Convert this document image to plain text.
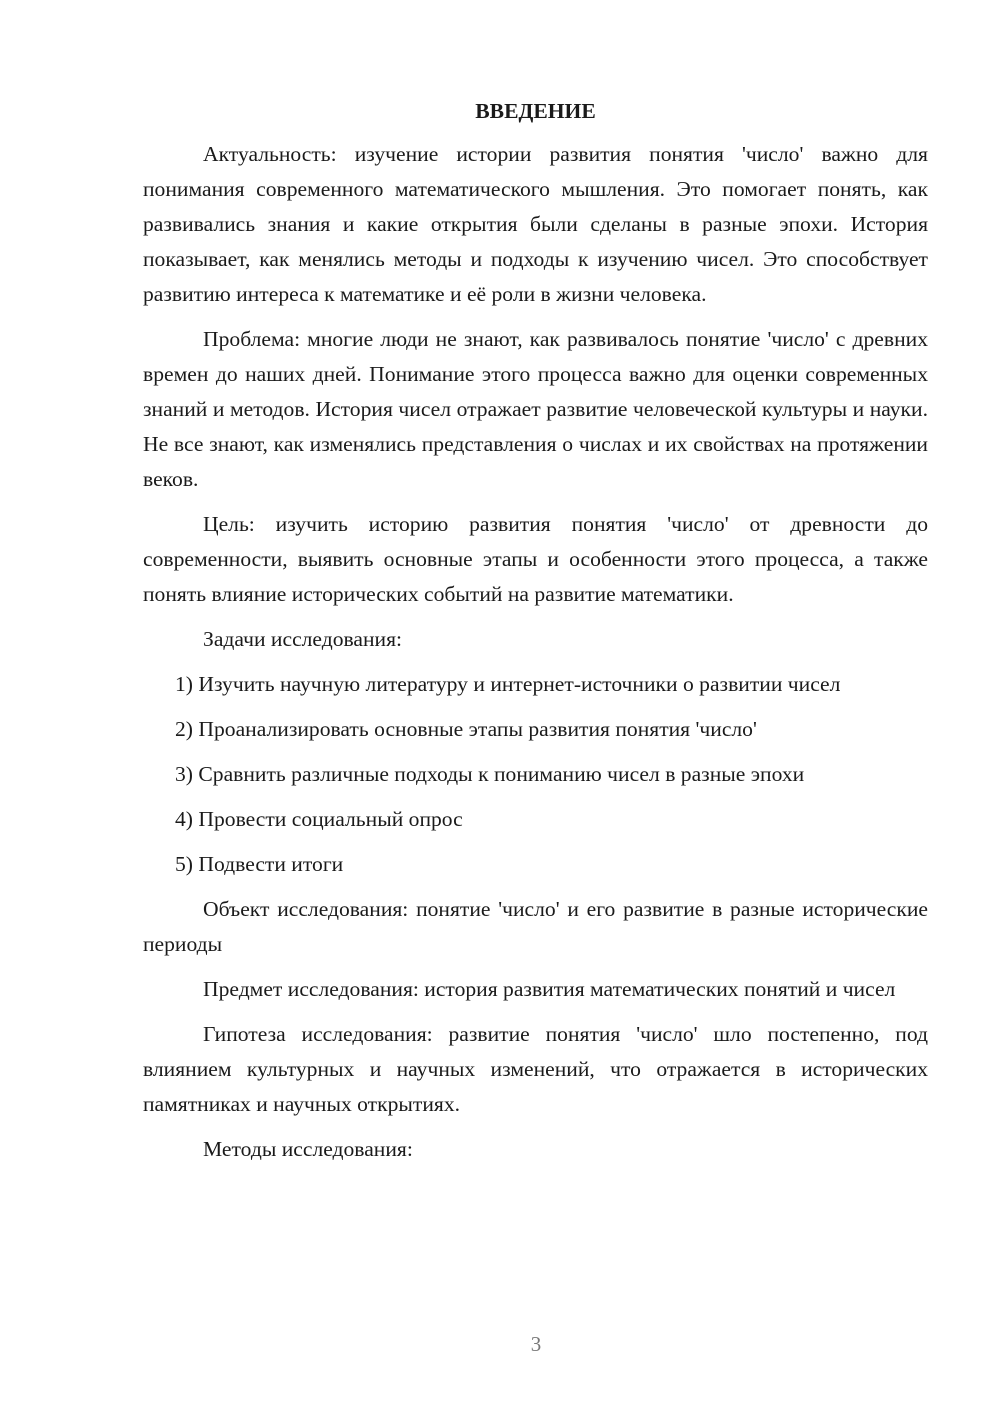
ВВЕДЕНИЕ

Актуальность: изучение истории развития понятия 'число' важно для понимания современного математического мышления. Это помогает понять, как развивались знания и какие открытия были сделаны в разные эпохи. История показывает, как менялись методы и подходы к изучению чисел. Это способствует развитию интереса к математике и её роли в жизни человека.

Проблема: многие люди не знают, как развивалось понятие 'число' с древних времен до наших дней. Понимание этого процесса важно для оценки современных знаний и методов. История чисел отражает развитие человеческой культуры и науки. Не все знают, как изменялись представления о числах и их свойствах на протяжении веков.

Цель: изучить историю развития понятия 'число' от древности до современности, выявить основные этапы и особенности этого процесса, а также понять влияние исторических событий на развитие математики.

Задачи исследования:

1) Изучить научную литературу и интернет-источники о развитии чисел

2) Проанализировать основные этапы развития понятия 'число'

3) Сравнить различные подходы к пониманию чисел в разные эпохи

4) Провести социальный опрос

5) Подвести итоги

Объект исследования: понятие 'число' и его развитие в разные исторические периоды

Предмет исследования: история развития математических понятий и чисел

Гипотеза исследования: развитие понятия 'число' шло постепенно, под влиянием культурных и научных изменений, что отражается в исторических памятниках и научных открытиях.

Методы исследования:

3
